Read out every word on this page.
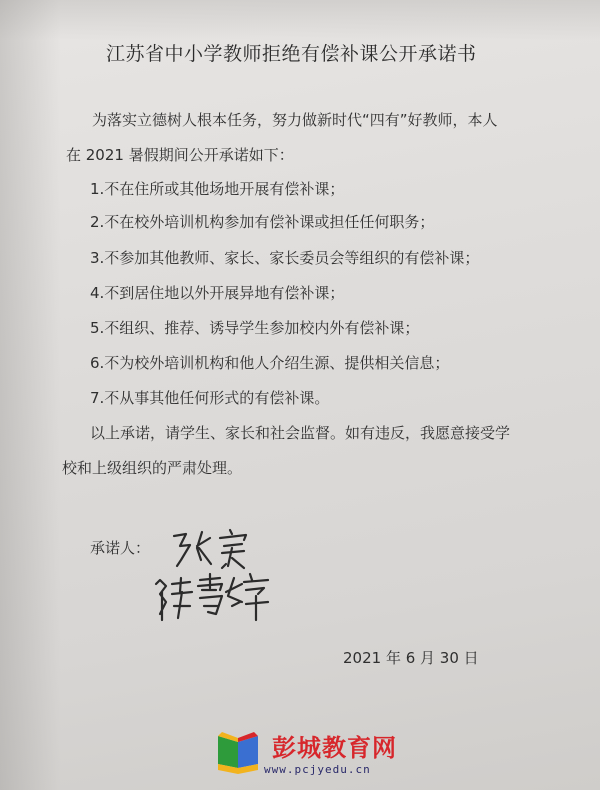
江苏省中小学教师拒绝有偿补课公开承诺书
为落实立德树人根本任务，努力做新时代“四有”好教师，本人
在 2021 暑假期间公开承诺如下：
1.不在住所或其他场地开展有偿补课；
2.不在校外培训机构参加有偿补课或担任任何职务；
3.不参加其他教师、家长、家长委员会等组织的有偿补课；
4.不到居住地以外开展异地有偿补课；
5.不组织、推荐、诱导学生参加校内外有偿补课；
6.不为校外培训机构和他人介绍生源、提供相关信息；
7.不从事其他任何形式的有偿补课。
以上承诺，请学生、家长和社会监督。如有违反，我愿意接受学
校和上级组织的严肃处理。
承诺人：
2021 年 6 月 30 日
彭城教育网
www.pcjyedu.cn
